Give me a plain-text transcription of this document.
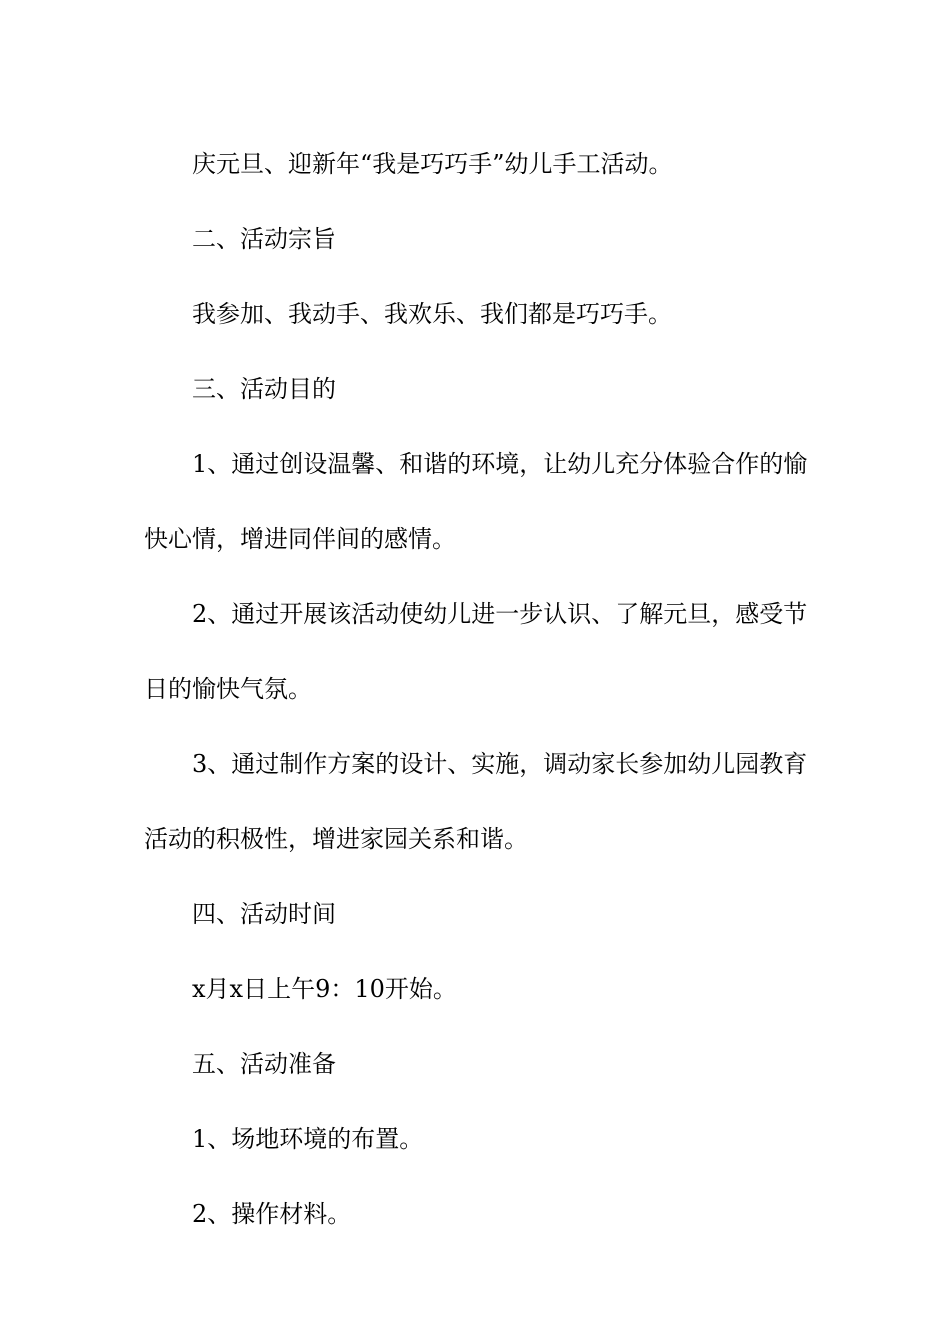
庆元旦、迎新年“我是巧巧手”幼儿手工活动。

二、活动宗旨

我参加、我动手、我欢乐、我们都是巧巧手。

三、活动目的

1、通过创设温馨、和谐的环境，让幼儿充分体验合作的愉快心情，增进同伴间的感情。

2、通过开展该活动使幼儿进一步认识、了解元旦，感受节日的愉快气氛。

3、通过制作方案的设计、实施，调动家长参加幼儿园教育活动的积极性，增进家园关系和谐。

四、活动时间

x月x日上午9：10开始。

五、活动准备

1、场地环境的布置。

2、操作材料。
